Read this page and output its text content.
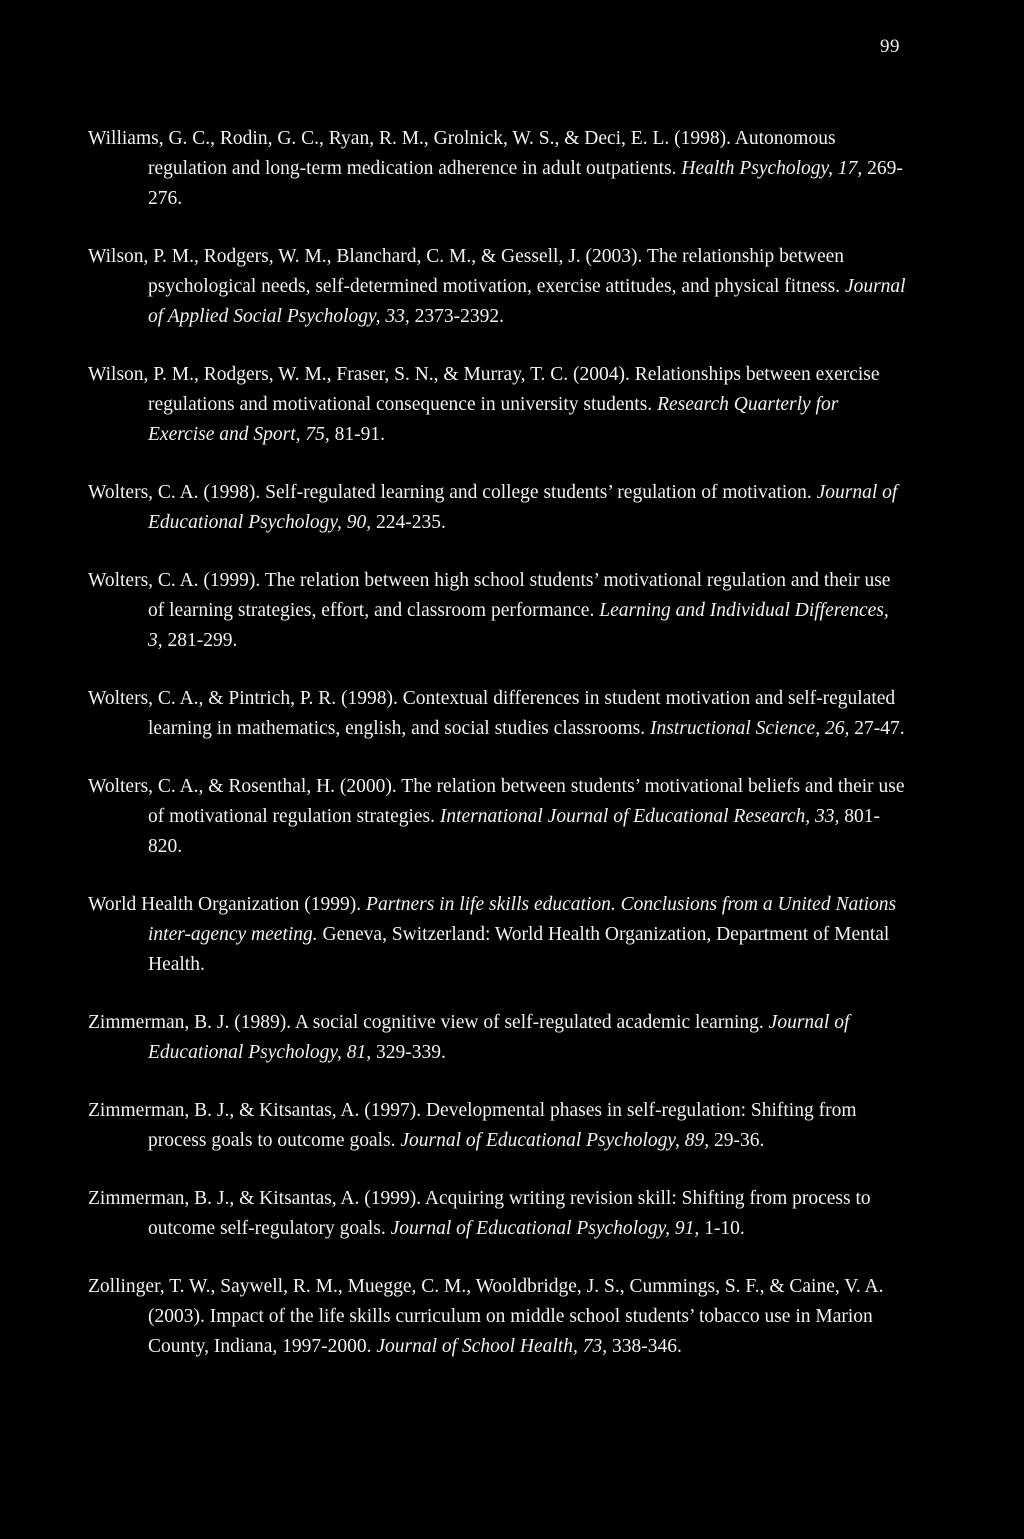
99
Williams, G. C., Rodin, G. C., Ryan, R. M., Grolnick, W. S., & Deci, E. L. (1998). Autonomous regulation and long-term medication adherence in adult outpatients. Health Psychology, 17, 269-276.
Wilson, P. M., Rodgers, W. M., Blanchard, C. M., & Gessell, J. (2003). The relationship between psychological needs, self-determined motivation, exercise attitudes, and physical fitness. Journal of Applied Social Psychology, 33, 2373-2392.
Wilson, P. M., Rodgers, W. M., Fraser, S. N., & Murray, T. C. (2004). Relationships between exercise regulations and motivational consequence in university students. Research Quarterly for Exercise and Sport, 75, 81-91.
Wolters, C. A. (1998). Self-regulated learning and college students’ regulation of motivation. Journal of Educational Psychology, 90, 224-235.
Wolters, C. A. (1999). The relation between high school students’ motivational regulation and their use of learning strategies, effort, and classroom performance. Learning and Individual Differences, 3, 281-299.
Wolters, C. A., & Pintrich, P. R. (1998). Contextual differences in student motivation and self-regulated learning in mathematics, english, and social studies classrooms. Instructional Science, 26, 27-47.
Wolters, C. A., & Rosenthal, H. (2000). The relation between students’ motivational beliefs and their use of motivational regulation strategies. International Journal of Educational Research, 33, 801-820.
World Health Organization (1999). Partners in life skills education. Conclusions from a United Nations inter-agency meeting. Geneva, Switzerland: World Health Organization, Department of Mental Health.
Zimmerman, B. J. (1989). A social cognitive view of self-regulated academic learning. Journal of Educational Psychology, 81, 329-339.
Zimmerman, B. J., & Kitsantas, A. (1997). Developmental phases in self-regulation: Shifting from process goals to outcome goals. Journal of Educational Psychology, 89, 29-36.
Zimmerman, B. J., & Kitsantas, A. (1999). Acquiring writing revision skill: Shifting from process to outcome self-regulatory goals. Journal of Educational Psychology, 91, 1-10.
Zollinger, T. W., Saywell, R. M., Muegge, C. M., Wooldbridge, J. S., Cummings, S. F., & Caine, V. A. (2003). Impact of the life skills curriculum on middle school students’ tobacco use in Marion County, Indiana, 1997-2000. Journal of School Health, 73, 338-346.
